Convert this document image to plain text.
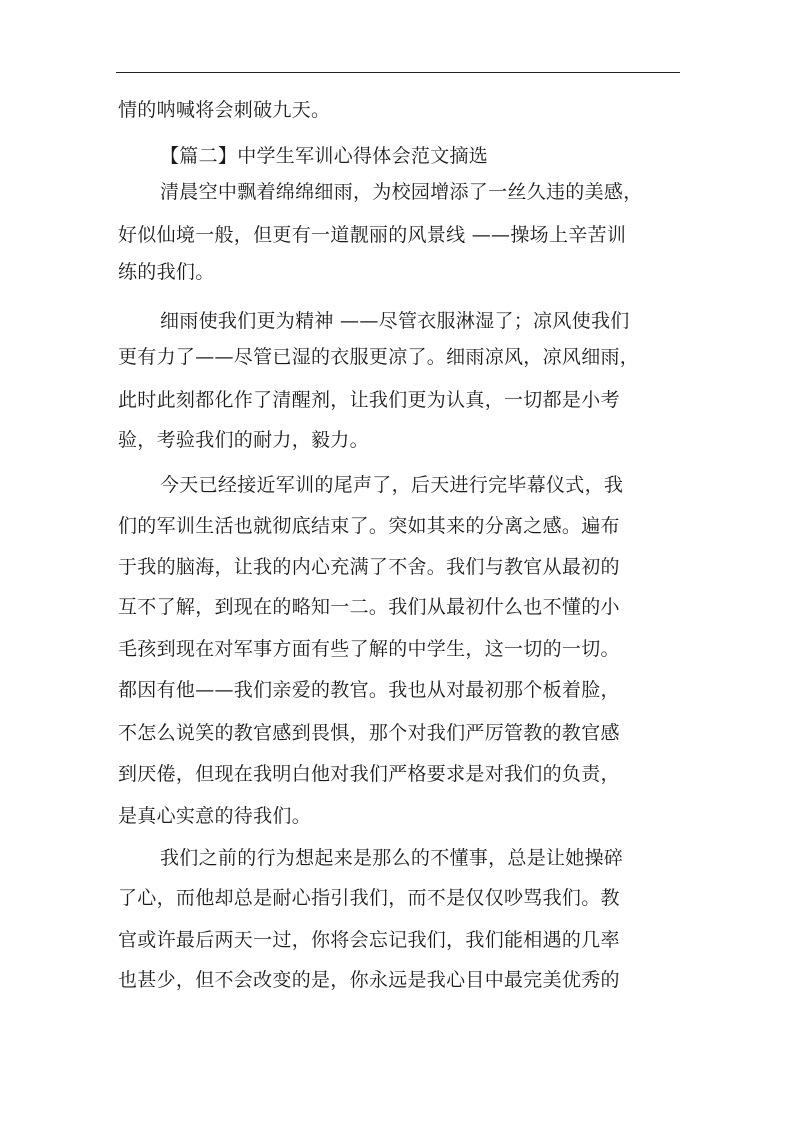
情的呐喊将会刺破九天。

【篇二】中学生军训心得体会范文摘选

清晨空中飘着绵绵细雨，为校园增添了一丝久违的美感，

好似仙境一般，但更有一道靓丽的风景线 ——操场上辛苦训

练的我们。

细雨使我们更为精神 ——尽管衣服淋湿了；凉风使我们

更有力了——尽管已湿的衣服更凉了。细雨凉风，凉风细雨，

此时此刻都化作了清醒剂，让我们更为认真，一切都是小考

验，考验我们的耐力，毅力。

今天已经接近军训的尾声了，后天进行完毕幕仪式，我

们的军训生活也就彻底结束了。突如其来的分离之感。遍布

于我的脑海，让我的内心充满了不舍。我们与教官从最初的

互不了解，到现在的略知一二。我们从最初什么也不懂的小

毛孩到现在对军事方面有些了解的中学生，这一切的一切。

都因有他——我们亲爱的教官。我也从对最初那个板着脸，

不怎么说笑的教官感到畏惧，那个对我们严厉管教的教官感

到厌倦，但现在我明白他对我们严格要求是对我们的负责，

是真心实意的待我们。

我们之前的行为想起来是那么的不懂事，总是让她操碎

了心，而他却总是耐心指引我们，而不是仅仅吵骂我们。教

官或许最后两天一过，你将会忘记我们，我们能相遇的几率

也甚少，但不会改变的是，你永远是我心目中最完美优秀的
